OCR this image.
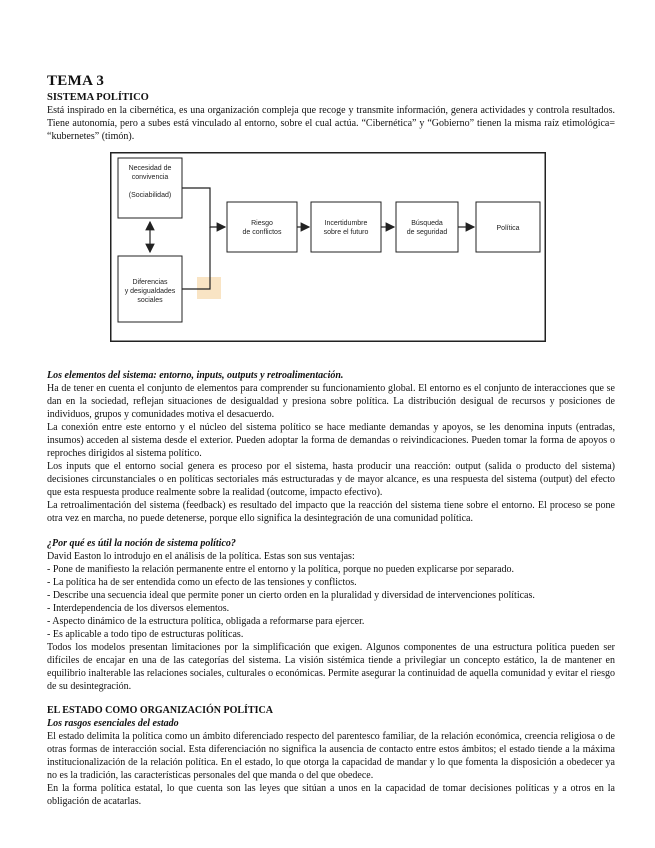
TEMA 3
SISTEMA POLÍTICO

Está inspirado en la cibernética, es una organización compleja que recoge y transmite información, genera actividades y controla resultados. Tiene autonomía, pero a subes está vinculado al entorno, sobre el cual actúa. “Cibernética” y “Gobierno” tienen la misma raíz etimológica= “kubernetes” (timón).

Necesidad de convivencia (Sociabilidad)
Diferencias y desigualdades sociales
Riesgo de conflictos
Incertidumbre sobre el futuro
Búsqueda de seguridad
Política

Los elementos del sistema: entorno, inputs, outputs y retroalimentación.

Ha de tener en cuenta el conjunto de elementos para comprender su funcionamiento global. El entorno es el conjunto de interacciones que se dan en la sociedad, reflejan situaciones de desigualdad y presiona sobre política. La distribución desigual de recursos y posiciones de individuos, grupos y comunidades motiva el desacuerdo.

La conexión entre este entorno y el núcleo del sistema político se hace mediante demandas y apoyos, se les denomina inputs (entradas, insumos) acceden al sistema desde el exterior. Pueden adoptar la forma de demandas o reivindicaciones. Pueden tomar la forma de apoyos o reproches dirigidos al sistema político.

Los inputs que el entorno social genera es proceso por el sistema, hasta producir una reacción: output (salida o producto del sistema) decisiones circunstanciales o en políticas sectoriales más estructuradas y de mayor alcance, es una respuesta del sistema (output) del efecto que esta respuesta produce realmente sobre la realidad (outcome, impacto efectivo).

La retroalimentación del sistema (feedback) es resultado del impacto que la reacción del sistema tiene sobre el entorno. El proceso se pone otra vez en marcha, no puede detenerse, porque ello significa la desintegración de una comunidad política.

¿Por qué es útil la noción de sistema político?

David Easton lo introdujo en el análisis de la política. Estas son sus ventajas:

- Pone de manifiesto la relación permanente entre el entorno y la política, porque no pueden explicarse por separado.

- La política ha de ser entendida como un efecto de las tensiones y conflictos.

- Describe una secuencia ideal que permite poner un cierto orden en la pluralidad y diversidad de intervenciones políticas.

- Interdependencia de los diversos elementos.

- Aspecto dinámico de la estructura política, obligada a reformarse para ejercer.

- Es aplicable a todo tipo de estructuras políticas.

Todos los modelos presentan limitaciones por la simplificación que exigen. Algunos componentes de una estructura política pueden ser difíciles de encajar en una de las categorías del sistema. La visión sistémica tiende a privilegiar un concepto estático, la de mantener en equilibrio inalterable las relaciones sociales, culturales o económicas. Permite asegurar la continuidad de aquella comunidad y evitar el riesgo de su desintegración.

EL ESTADO COMO ORGANIZACIÓN POLÍTICA

Los rasgos esenciales del estado

El estado delimita la política como un ámbito diferenciado respecto del parentesco familiar, de la relación económica, creencia religiosa o de otras formas de interacción social. Esta diferenciación no significa la ausencia de contacto entre estos ámbitos; el estado tiende a la máxima institucionalización de la relación política. En el estado, lo que otorga la capacidad de mandar y lo que fomenta la disposición a obedecer ya no es la tradición, las características personales del que manda o del que obedece.

En la forma política estatal, lo que cuenta son las leyes que sitúan a unos en la capacidad de tomar decisiones políticas y a otros en la obligación de acatarlas.
